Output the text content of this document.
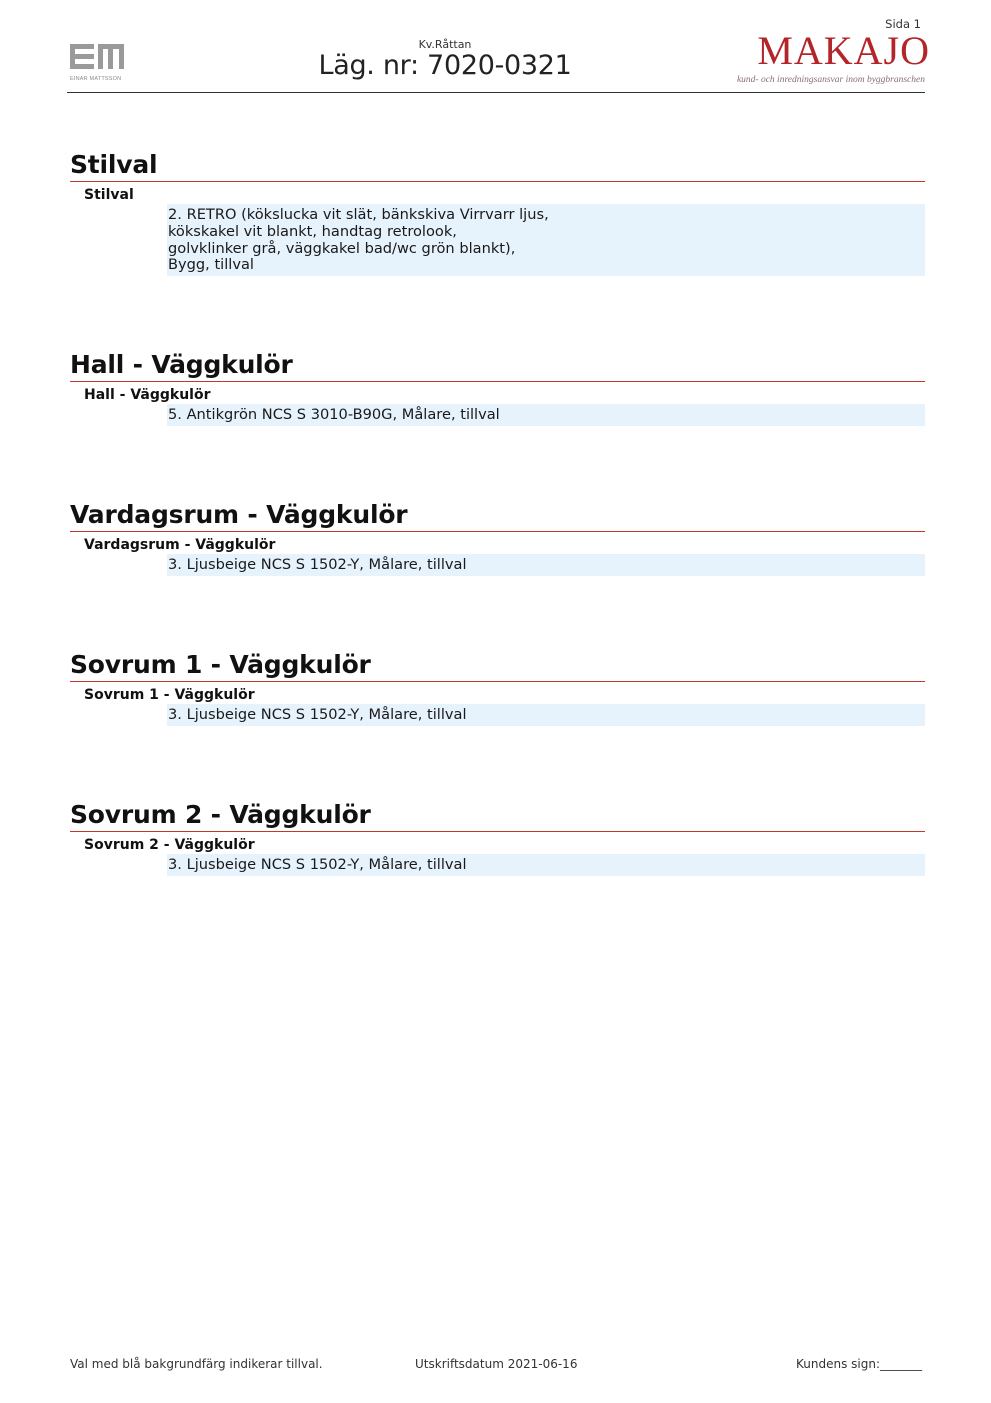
EINAR MATTSSON
Kv.Råttan
Läg. nr: 7020-0321
Sida 1
MAKAJO
kund- och inredningsansvar inom byggbranschen
Stilval
Stilval
2. RETRO (kökslucka vit slät, bänkskiva Virrvarr ljus,
kökskakel vit blankt, handtag retrolook,
golvklinker grå, väggkakel bad/wc grön blankt),
Bygg, tillval
Hall - Väggkulör
Hall - Väggkulör
5. Antikgrön NCS S 3010-B90G, Målare, tillval
Vardagsrum - Väggkulör
Vardagsrum - Väggkulör
3. Ljusbeige NCS S 1502-Y, Målare, tillval
Sovrum 1 - Väggkulör
Sovrum 1 - Väggkulör
3. Ljusbeige NCS S 1502-Y, Målare, tillval
Sovrum 2 - Väggkulör
Sovrum 2 - Väggkulör
3. Ljusbeige NCS S 1502-Y, Målare, tillval
Val med blå bakgrundfärg indikerar tillval.	Utskriftsdatum 2021-06-16	Kundens sign:_______
